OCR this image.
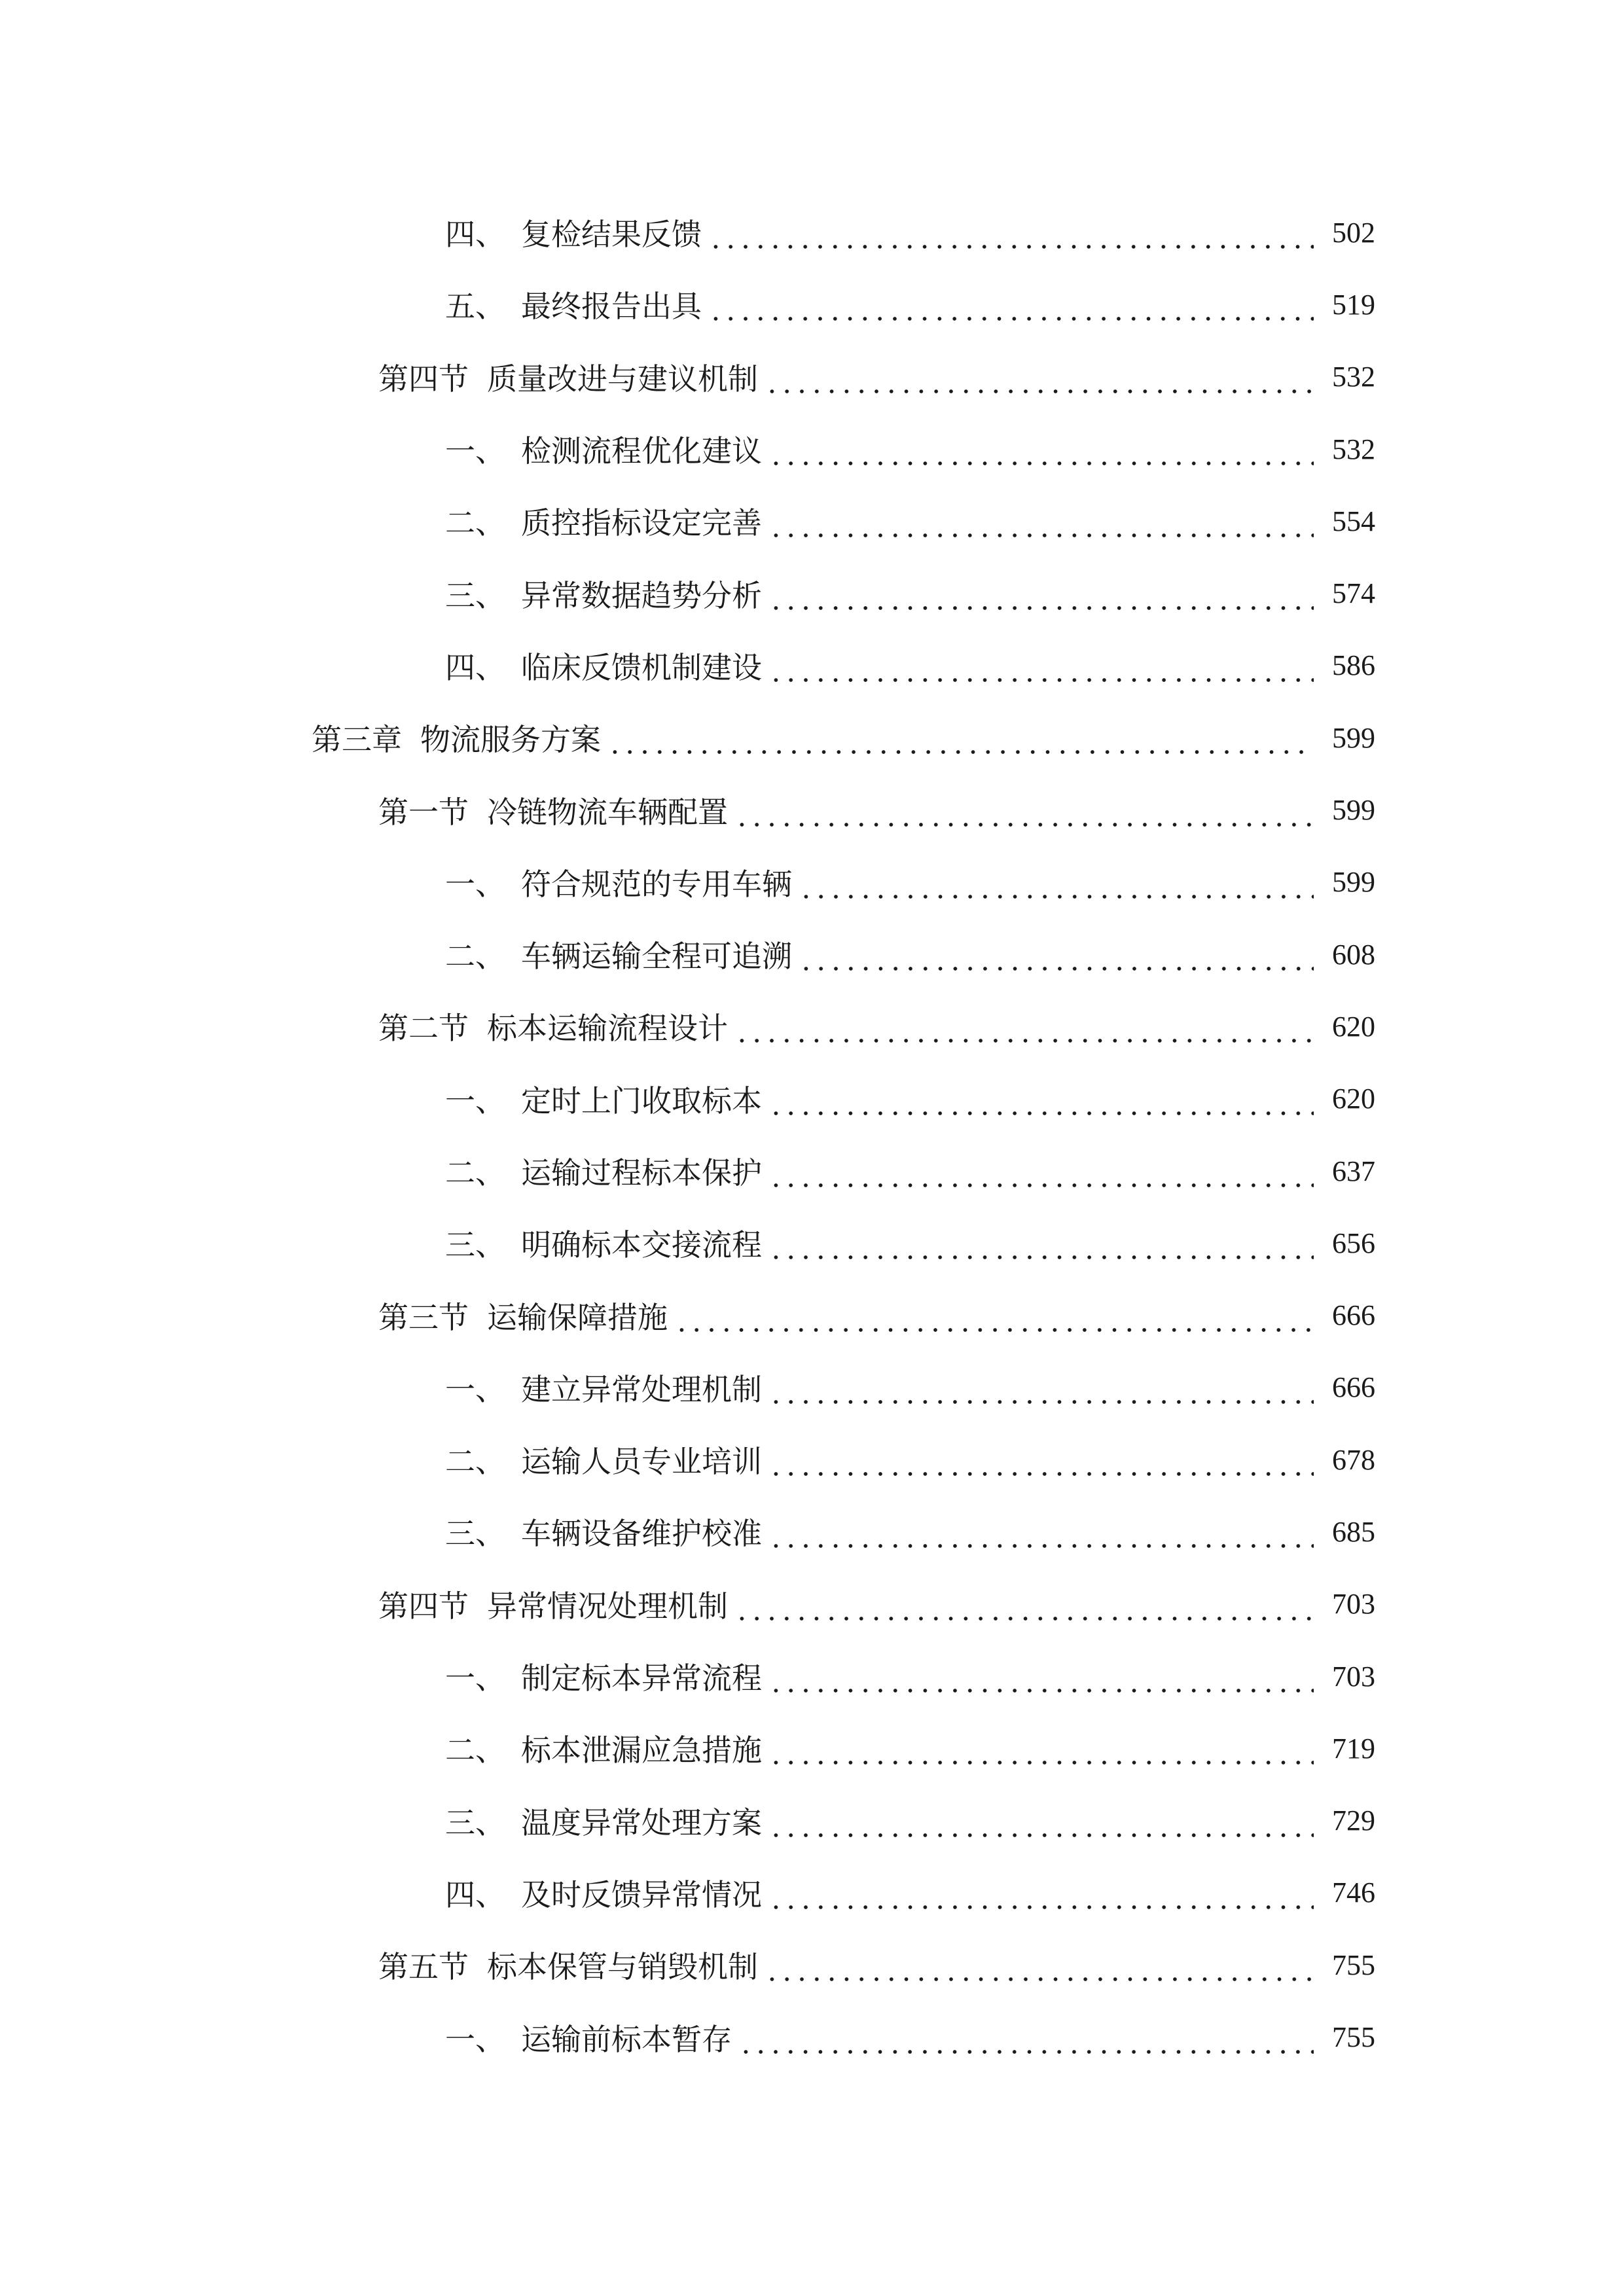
四、 复检结果反馈	502
五、 最终报告出具	519
第四节 质量改进与建议机制	532
一、 检测流程优化建议	532
二、 质控指标设定完善	554
三、 异常数据趋势分析	574
四、 临床反馈机制建设	586
第三章 物流服务方案	599
第一节 冷链物流车辆配置	599
一、 符合规范的专用车辆	599
二、 车辆运输全程可追溯	608
第二节 标本运输流程设计	620
一、 定时上门收取标本	620
二、 运输过程标本保护	637
三、 明确标本交接流程	656
第三节 运输保障措施	666
一、 建立异常处理机制	666
二、 运输人员专业培训	678
三、 车辆设备维护校准	685
第四节 异常情况处理机制	703
一、 制定标本异常流程	703
二、 标本泄漏应急措施	719
三、 温度异常处理方案	729
四、 及时反馈异常情况	746
第五节 标本保管与销毁机制	755
一、 运输前标本暂存	755
